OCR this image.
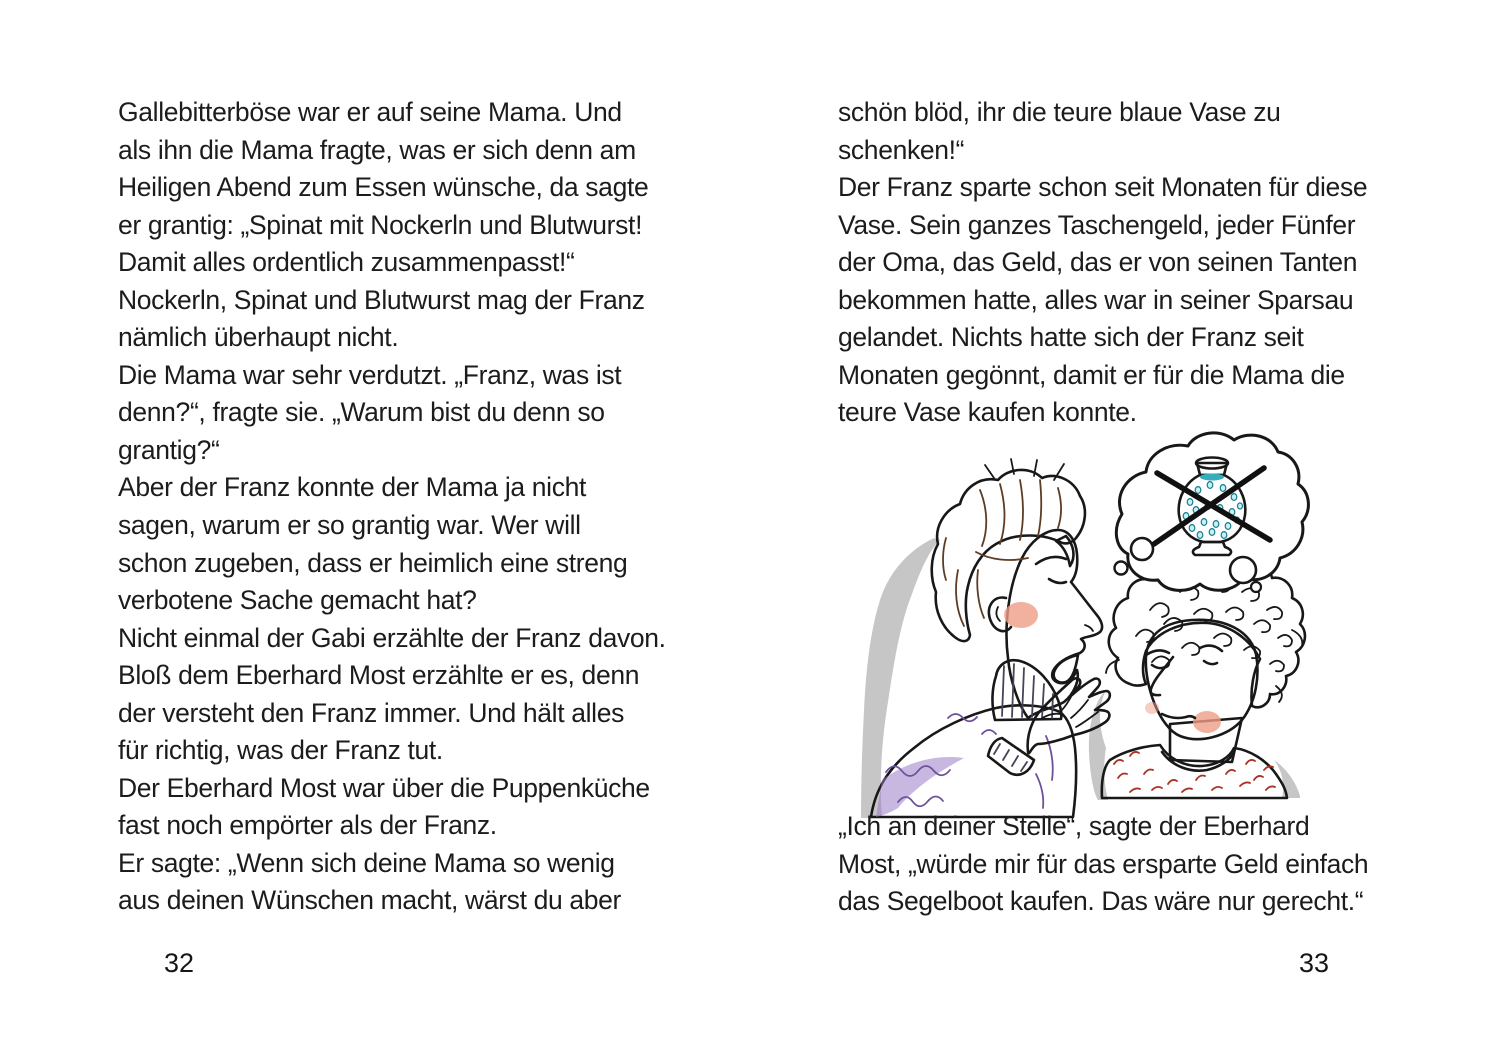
Gallebitterböse war er auf seine Mama. Und
als ihn die Mama fragte, was er sich denn am
Heiligen Abend zum Essen wünsche, da sagte
er grantig: „Spinat mit Nockerln und Blutwurst!
Damit alles ordentlich zusammenpasst!“
Nockerln, Spinat und Blutwurst mag der Franz
nämlich überhaupt nicht.
Die Mama war sehr verdutzt. „Franz, was ist
denn?“, fragte sie. „Warum bist du denn so
grantig?“
Aber der Franz konnte der Mama ja nicht
sagen, warum er so grantig war. Wer will
schon zugeben, dass er heimlich eine streng
verbotene Sache gemacht hat?
Nicht einmal der Gabi erzählte der Franz davon.
Bloß dem Eberhard Most erzählte er es, denn
der versteht den Franz immer. Und hält alles
für richtig, was der Franz tut.
Der Eberhard Most war über die Puppenküche
fast noch empörter als der Franz.
Er sagte: „Wenn sich deine Mama so wenig
aus deinen Wünschen macht, wärst du aber
32
schön blöd, ihr die teure blaue Vase zu
schenken!“
Der Franz sparte schon seit Monaten für diese
Vase. Sein ganzes Taschengeld, jeder Fünfer
der Oma, das Geld, das er von seinen Tanten
bekommen hatte, alles war in seiner Sparsau
gelandet. Nichts hatte sich der Franz seit
Monaten gegönnt, damit er für die Mama die
teure Vase kaufen konnte.
„Ich an deiner Stelle“, sagte der Eberhard
Most, „würde mir für das ersparte Geld einfach
das Segelboot kaufen. Das wäre nur gerecht.“
33
